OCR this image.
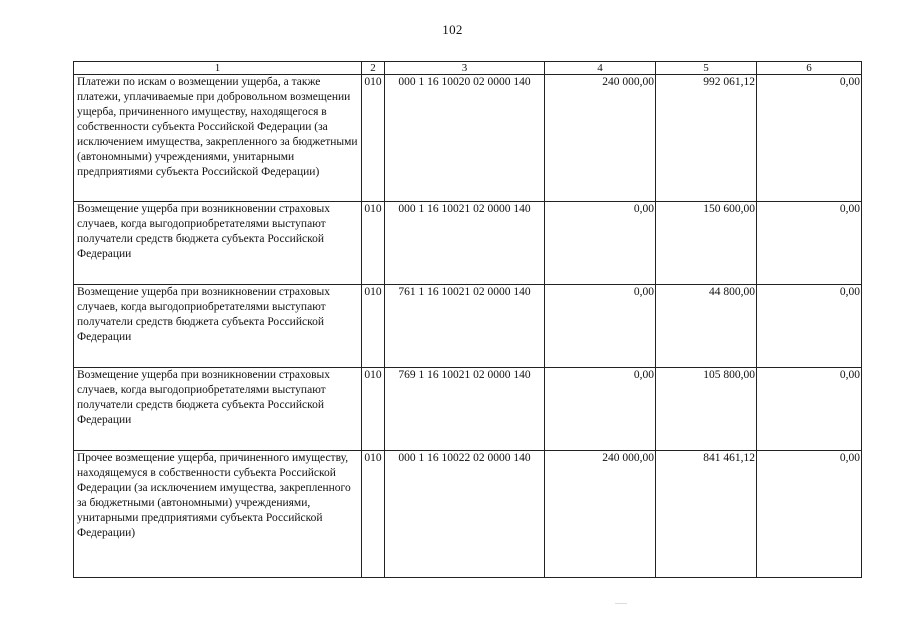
102
1	2	3	4	5	6
Платежи по искам о возмещении ущерба, а также платежи, уплачиваемые при добровольном возмещении ущерба, причиненного имуществу, находящегося в собственности субъекта Российской Федерации (за исключением имущества, закрепленного за бюджетными (автономными) учреждениями, унитарными предприятиями субъекта Российской Федерации)	010	000 1 16 10020 02 0000 140	240 000,00	992 061,12	0,00
Возмещение ущерба при возникновении страховых случаев, когда выгодоприобретателями выступают получатели средств бюджета субъекта Российской Федерации	010	000 1 16 10021 02 0000 140	0,00	150 600,00	0,00
Возмещение ущерба при возникновении страховых случаев, когда выгодоприобретателями выступают получатели средств бюджета субъекта Российской Федерации	010	761 1 16 10021 02 0000 140	0,00	44 800,00	0,00
Возмещение ущерба при возникновении страховых случаев, когда выгодоприобретателями выступают получатели средств бюджета субъекта Российской Федерации	010	769 1 16 10021 02 0000 140	0,00	105 800,00	0,00
Прочее возмещение ущерба, причиненного имуществу, находящемуся в собственности субъекта Российской Федерации (за исключением имущества, закрепленного за бюджетными (автономными) учреждениями, унитарными предприятиями субъекта Российской Федерации)	010	000 1 16 10022 02 0000 140	240 000,00	841 461,12	0,00
